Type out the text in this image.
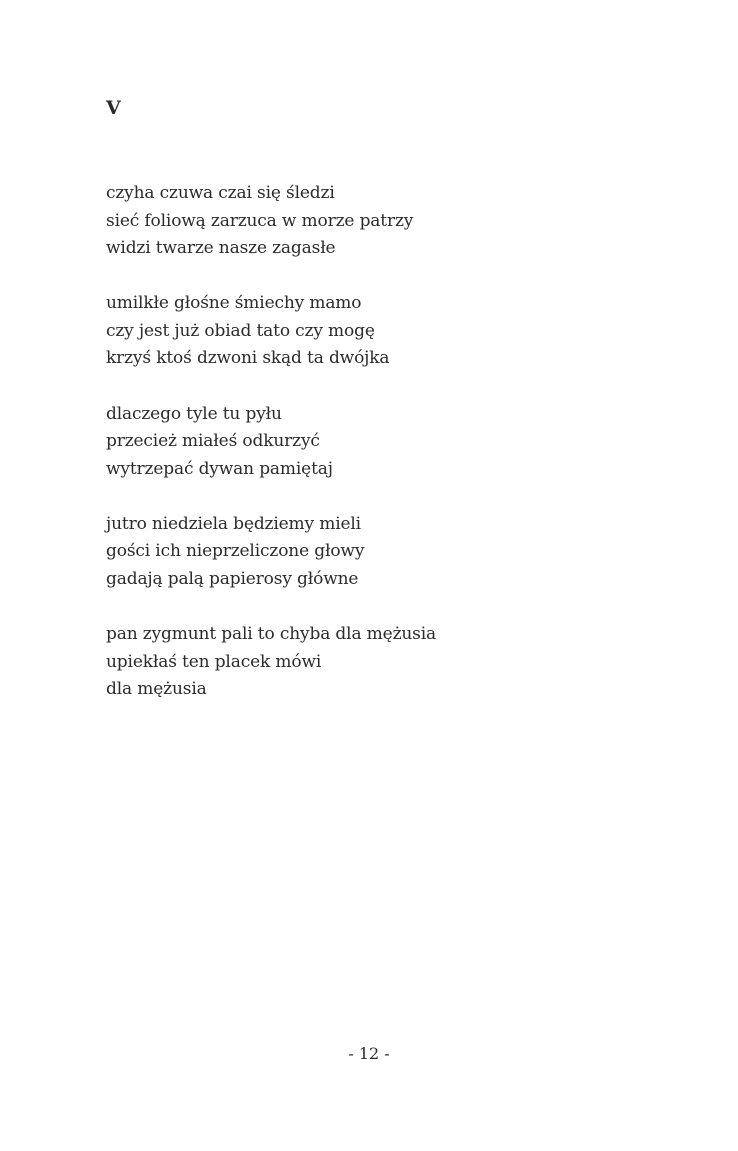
V

czyha czuwa czai się śledzi
sieć foliową zarzuca w morze patrzy
widzi twarze nasze zagasłe

umilkłe głośne śmiechy mamo
czy jest już obiad tato czy mogę
krzyś ktoś dzwoni skąd ta dwójka

dlaczego tyle tu pyłu
przecież miałeś odkurzyć
wytrzepać dywan pamiętaj

jutro niedziela będziemy mieli
gości ich nieprzeliczone głowy
gadają palą papierosy główne

pan zygmunt pali to chyba dla mężusia
upiekłaś ten placek mówi
dla mężusia

- 12 -
